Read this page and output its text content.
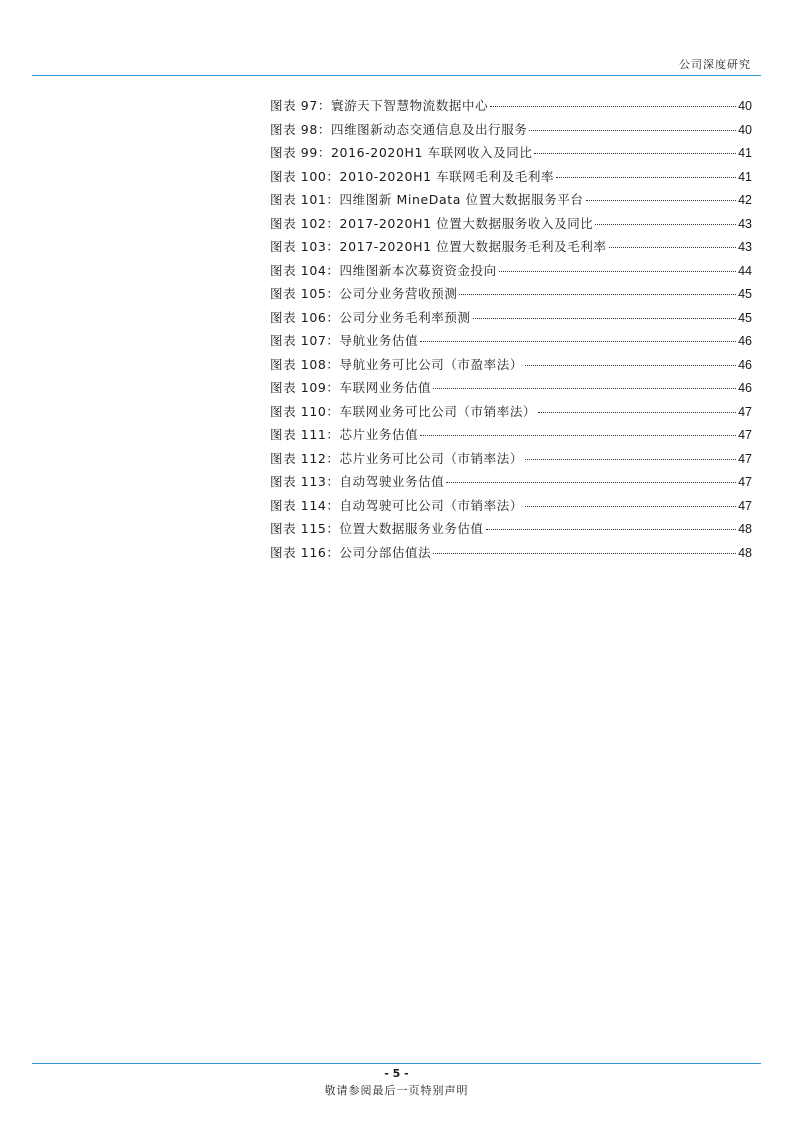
公司深度研究
图表 97：寰游天下智慧物流数据中心	40
图表 98：四维图新动态交通信息及出行服务	40
图表 99：2016-2020H1 车联网收入及同比	41
图表 100：2010-2020H1 车联网毛利及毛利率	41
图表 101：四维图新 MineData 位置大数据服务平台	42
图表 102：2017-2020H1 位置大数据服务收入及同比	43
图表 103：2017-2020H1 位置大数据服务毛利及毛利率	43
图表 104：四维图新本次募资资金投向	44
图表 105：公司分业务营收预测	45
图表 106：公司分业务毛利率预测	45
图表 107：导航业务估值	46
图表 108：导航业务可比公司（市盈率法）	46
图表 109：车联网业务估值	46
图表 110：车联网业务可比公司（市销率法）	47
图表 111：芯片业务估值	47
图表 112：芯片业务可比公司（市销率法）	47
图表 113：自动驾驶业务估值	47
图表 114：自动驾驶可比公司（市销率法）	47
图表 115：位置大数据服务业务估值	48
图表 116：公司分部估值法	48
- 5 -
敬请参阅最后一页特别声明
